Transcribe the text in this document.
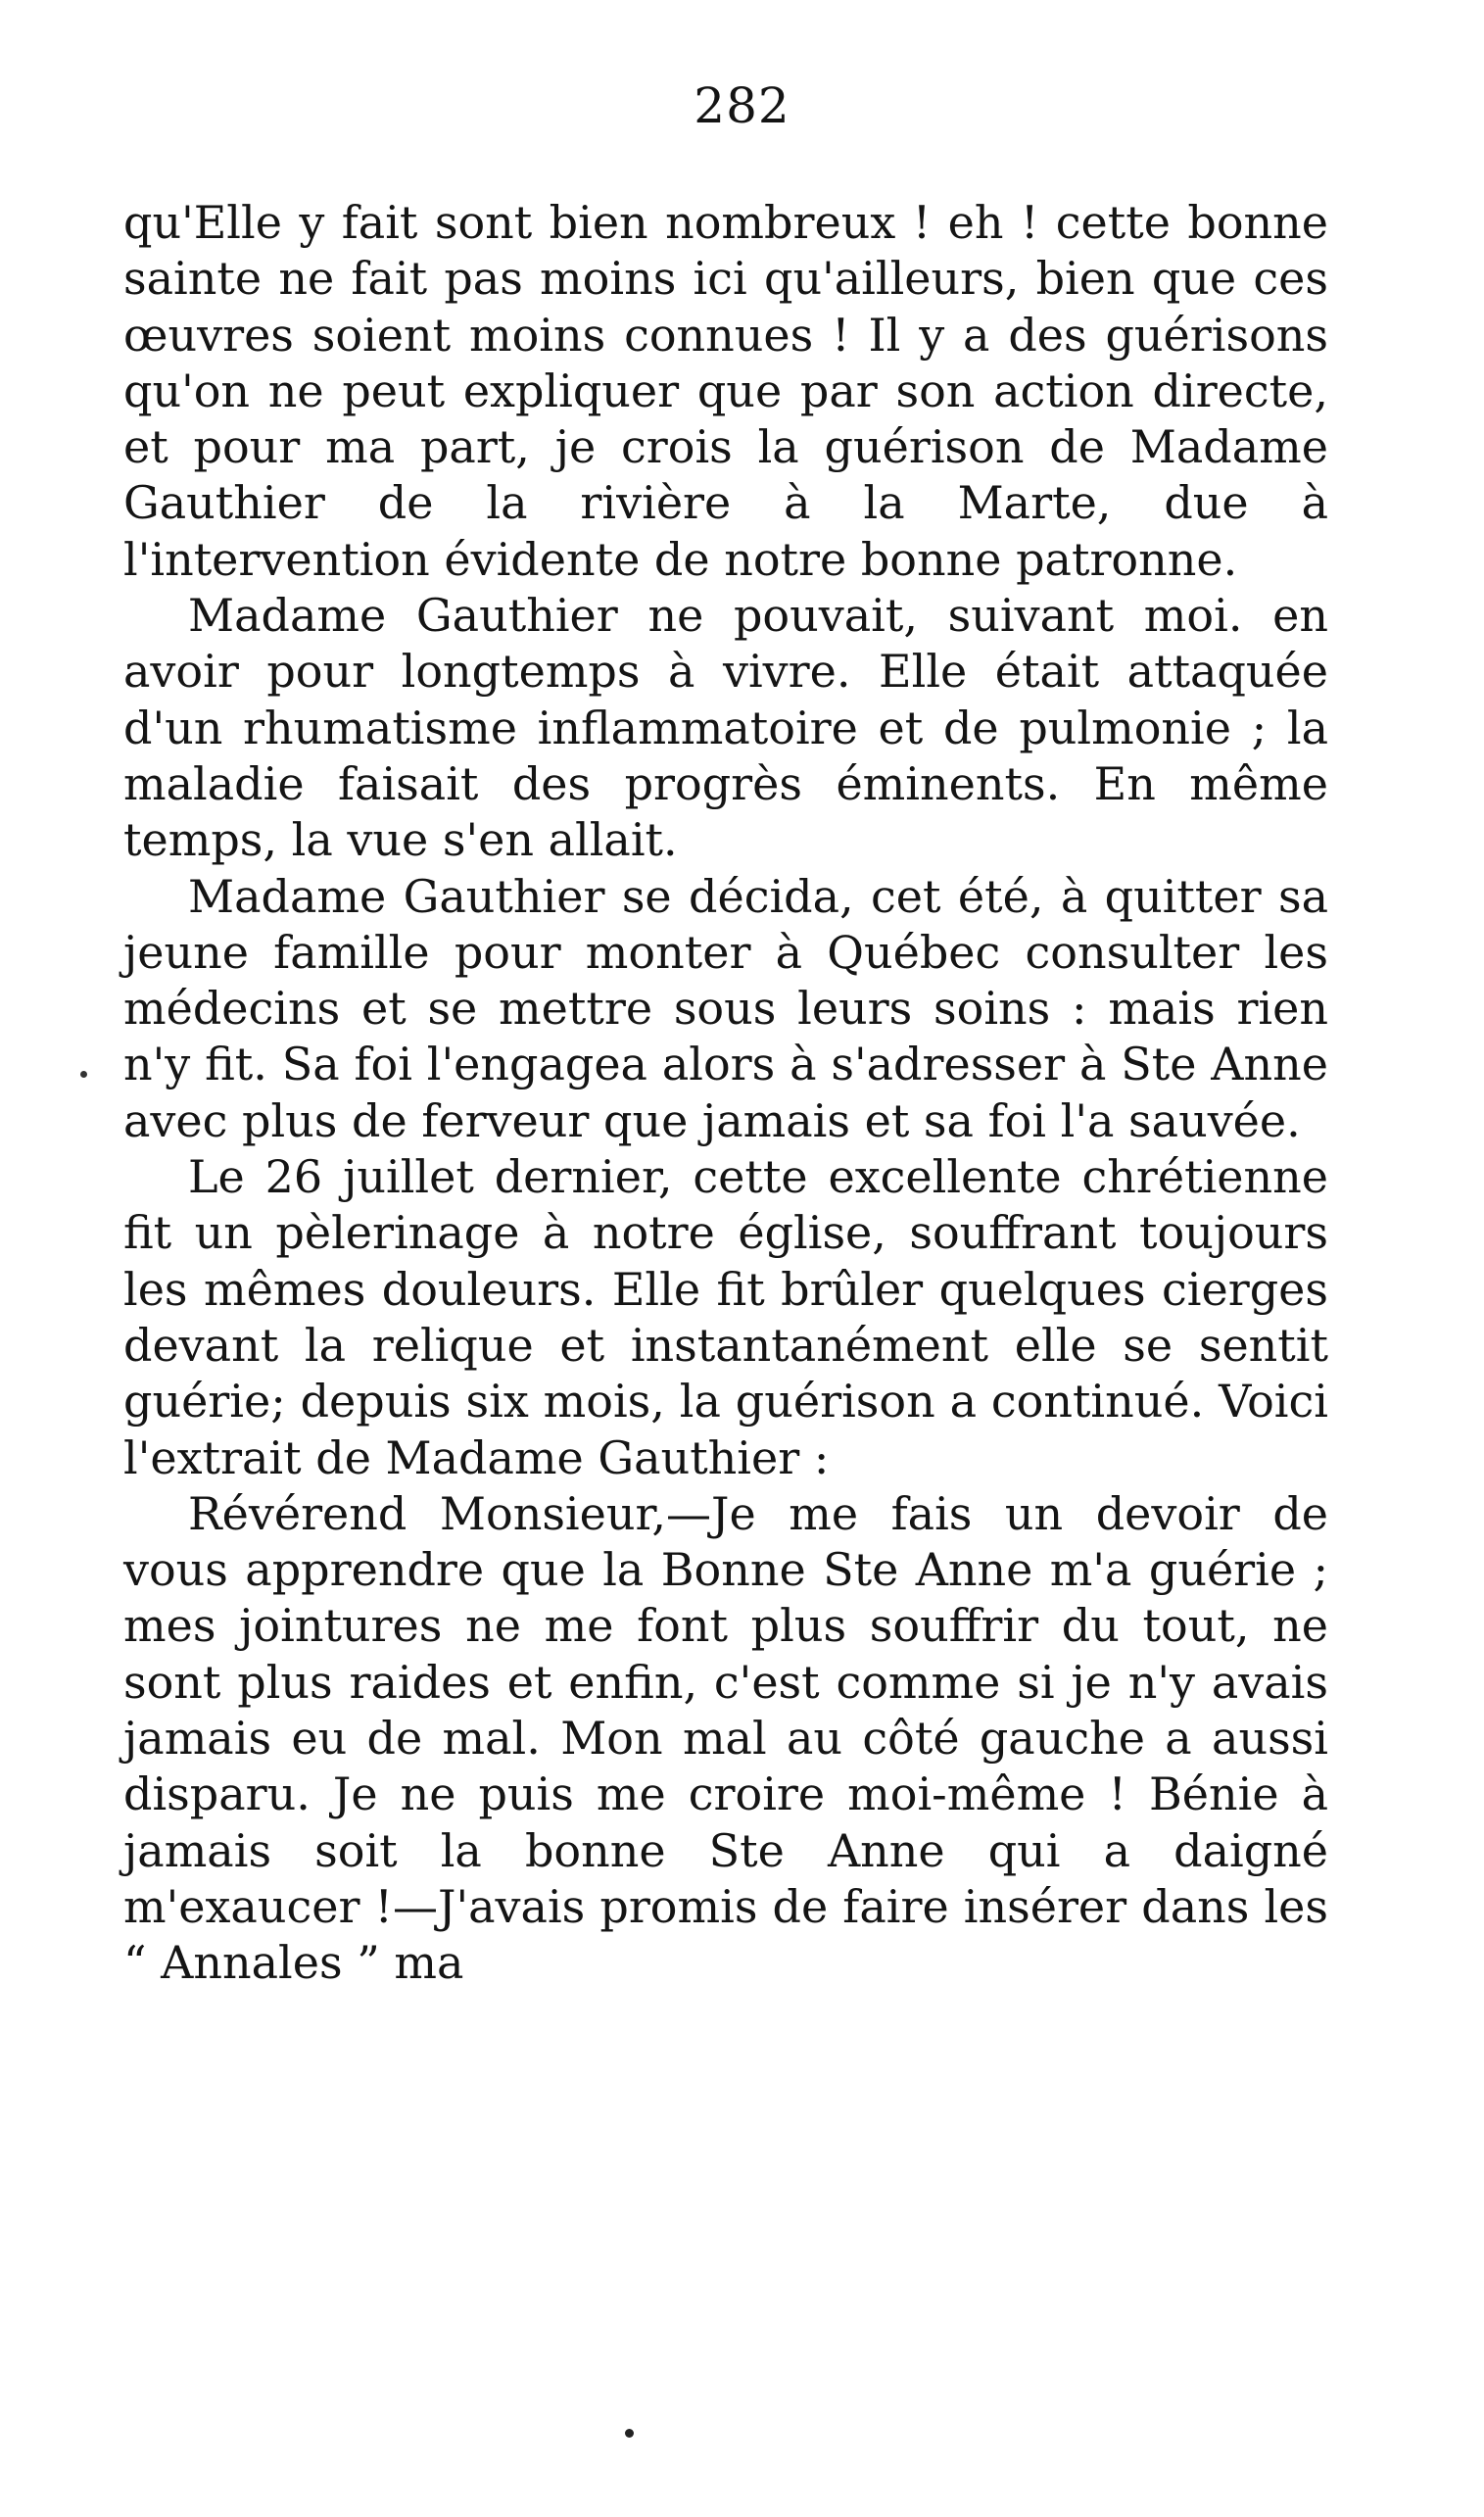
282

qu'Elle y fait sont bien nombreux ! eh ! cette bonne sainte ne fait pas moins ici qu'ailleurs, bien que ces œuvres soient moins connues ! Il y a des guérisons qu'on ne peut expliquer que par son action directe, et pour ma part, je crois la guérison de Madame Gauthier de la rivière à la Marte, due à l'intervention évidente de notre bonne patronne.

Madame Gauthier ne pouvait, suivant moi. en avoir pour longtemps à vivre. Elle était attaquée d'un rhumatisme inflammatoire et de pulmonie ; la maladie faisait des progrès éminents. En même temps, la vue s'en allait.

Madame Gauthier se décida, cet été, à quitter sa jeune famille pour monter à Québec consulter les médecins et se mettre sous leurs soins : mais rien n'y fit. Sa foi l'engagea alors à s'adresser à Ste Anne avec plus de ferveur que jamais et sa foi l'a sauvée.

Le 26 juillet dernier, cette excellente chrétienne fit un pèlerinage à notre église, souffrant toujours les mêmes douleurs. Elle fit brûler quelques cierges devant la relique et instantanément elle se sentit guérie; depuis six mois, la guérison a continué. Voici l'extrait de Madame Gauthier :

Révérend Monsieur,—Je me fais un devoir de vous apprendre que la Bonne Ste Anne m'a guérie ; mes jointures ne me font plus souffrir du tout, ne sont plus raides et enfin, c'est comme si je n'y avais jamais eu de mal. Mon mal au côté gauche a aussi disparu. Je ne puis me croire moi-même ! Bénie à jamais soit la bonne Ste Anne qui a daigné m'exaucer !—J'avais promis de faire insérer dans les “ Annales ” ma
